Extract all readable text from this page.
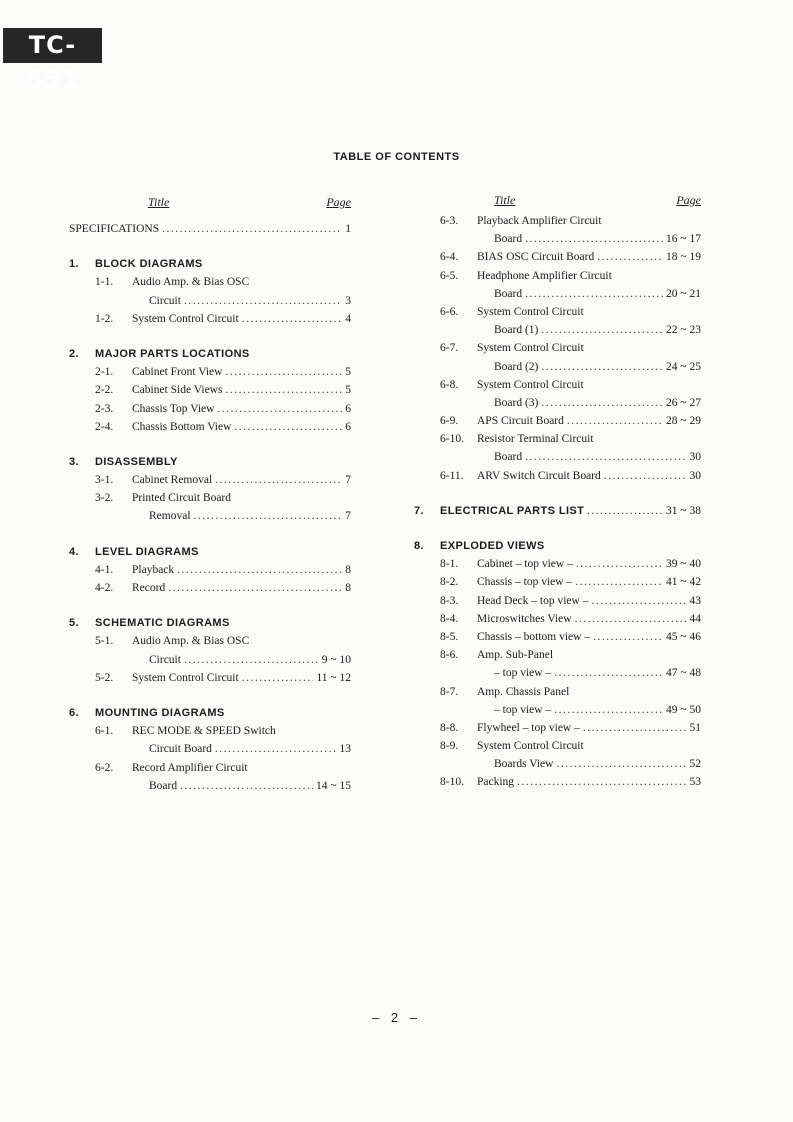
TC-651
TABLE OF CONTENTS
Title	Page
SPECIFICATIONS .....	1
1.	BLOCK DIAGRAMS
1-1.	Audio Amp. & Bias OSC
Circuit .....	3
1-2.	System Control Circuit .....	4
2.	MAJOR PARTS LOCATIONS
2-1.	Cabinet Front View .....	5
2-2.	Cabinet Side Views .....	5
2-3.	Chassis Top View .....	6
2-4.	Chassis Bottom View .....	6
3.	DISASSEMBLY
3-1.	Cabinet Removal .....	7
3-2.	Printed Circuit Board
Removal .....	7
4.	LEVEL DIAGRAMS
4-1.	Playback .....	8
4-2.	Record .....	8
5.	SCHEMATIC DIAGRAMS
5-1.	Audio Amp. & Bias OSC
Circuit .....	9 ~ 10
5-2.	System Control Circuit .....	11 ~ 12
6.	MOUNTING DIAGRAMS
6-1.	REC MODE & SPEED Switch
Circuit Board .....	13
6-2.	Record Amplifier Circuit
Board .....	14 ~ 15
Title	Page
6-3.	Playback Amplifier Circuit
Board .....	16 ~ 17
6-4.	BIAS OSC Circuit Board .....	18 ~ 19
6-5.	Headphone Amplifier Circuit
Board .....	20 ~ 21
6-6.	System Control Circuit
Board (1) .....	22 ~ 23
6-7.	System Control Circuit
Board (2) .....	24 ~ 25
6-8.	System Control Circuit
Board (3) .....	26 ~ 27
6-9.	APS Circuit Board .....	28 ~ 29
6-10.	Resistor Terminal Circuit
Board .....	30
6-11.	ARV Switch Circuit Board .....	30
7.	ELECTRICAL PARTS LIST .....	31 ~ 38
8.	EXPLODED VIEWS
8-1.	Cabinet – top view – .....	39 ~ 40
8-2.	Chassis – top view – .....	41 ~ 42
8-3.	Head Deck – top view – .....	43
8-4.	Microswitches View .....	44
8-5.	Chassis – bottom view – .....	45 ~ 46
8-6.	Amp. Sub-Panel
– top view – .....	47 ~ 48
8-7.	Amp. Chassis Panel
– top view – .....	49 ~ 50
8-8.	Flywheel – top view – .....	51
8-9.	System Control Circuit
Boards View .....	52
8-10.	Packing .....	53
– 2 –
